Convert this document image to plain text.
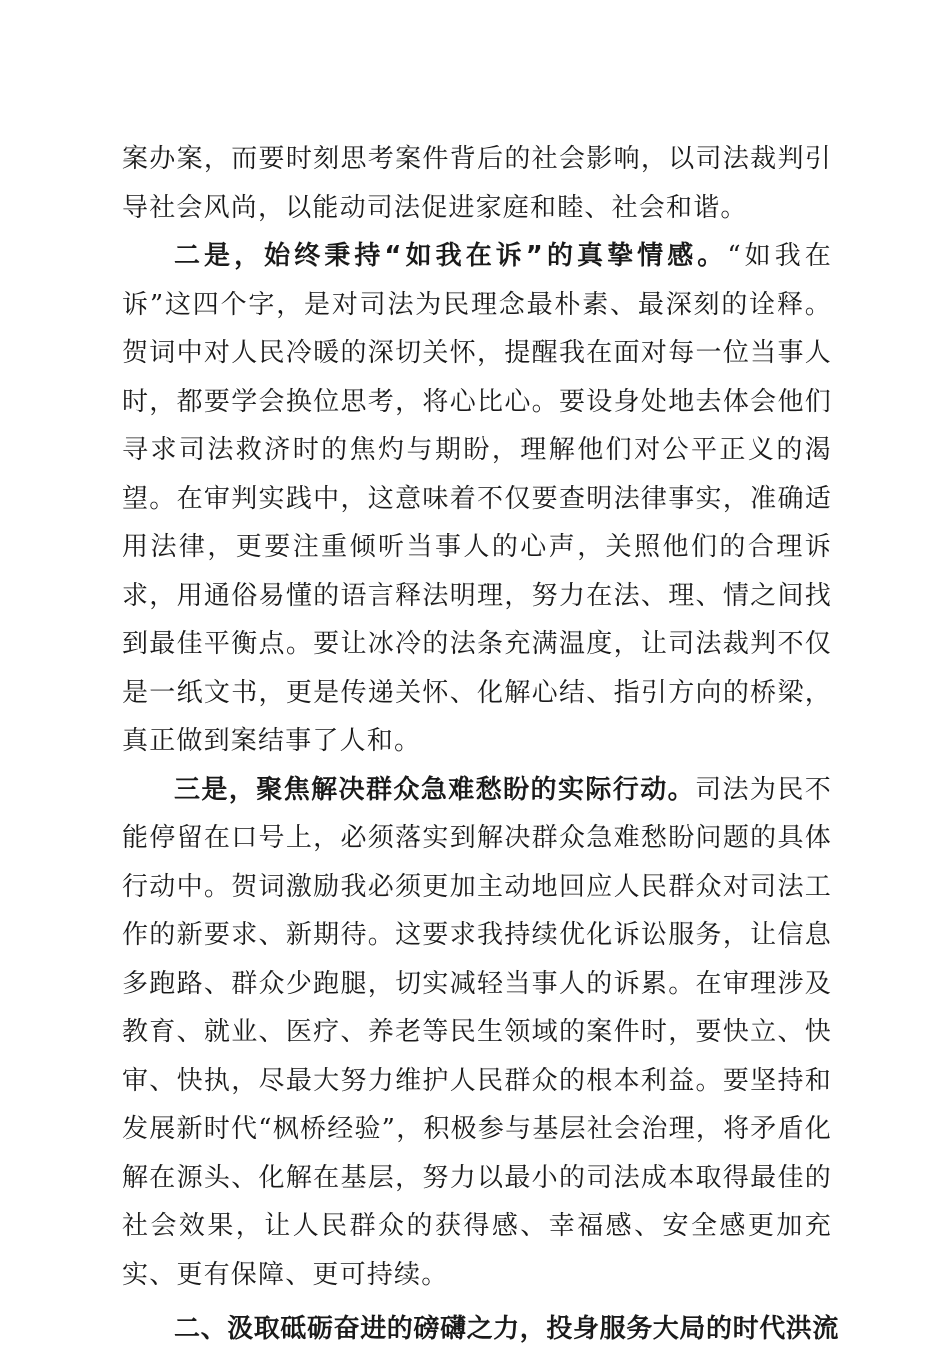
案办案，而要时刻思考案件背后的社会影响，以司法裁判引导社会风尚，以能动司法促进家庭和睦、社会和谐。

二是，始终秉持“如我在诉”的真挚情感。“如我在诉”这四个字，是对司法为民理念最朴素、最深刻的诠释。贺词中对人民冷暖的深切关怀，提醒我在面对每一位当事人时，都要学会换位思考，将心比心。要设身处地去体会他们寻求司法救济时的焦灼与期盼，理解他们对公平正义的渴望。在审判实践中，这意味着不仅要查明法律事实，准确适用法律，更要注重倾听当事人的心声，关照他们的合理诉求，用通俗易懂的语言释法明理，努力在法、理、情之间找到最佳平衡点。要让冰冷的法条充满温度，让司法裁判不仅是一纸文书，更是传递关怀、化解心结、指引方向的桥梁，真正做到案结事了人和。

三是，聚焦解决群众急难愁盼的实际行动。司法为民不能停留在口号上，必须落实到解决群众急难愁盼问题的具体行动中。贺词激励我必须更加主动地回应人民群众对司法工作的新要求、新期待。这要求我持续优化诉讼服务，让信息多跑路、群众少跑腿，切实减轻当事人的诉累。在审理涉及教育、就业、医疗、养老等民生领域的案件时，要快立、快审、快执，尽最大努力维护人民群众的根本利益。要坚持和发展新时代“枫桥经验”，积极参与基层社会治理，将矛盾化解在源头、化解在基层，努力以最小的司法成本取得最佳的社会效果，让人民群众的获得感、幸福感、安全感更加充实、更有保障、更可持续。

二、汲取砥砺奋进的磅礴之力，投身服务大局的时代洪流
